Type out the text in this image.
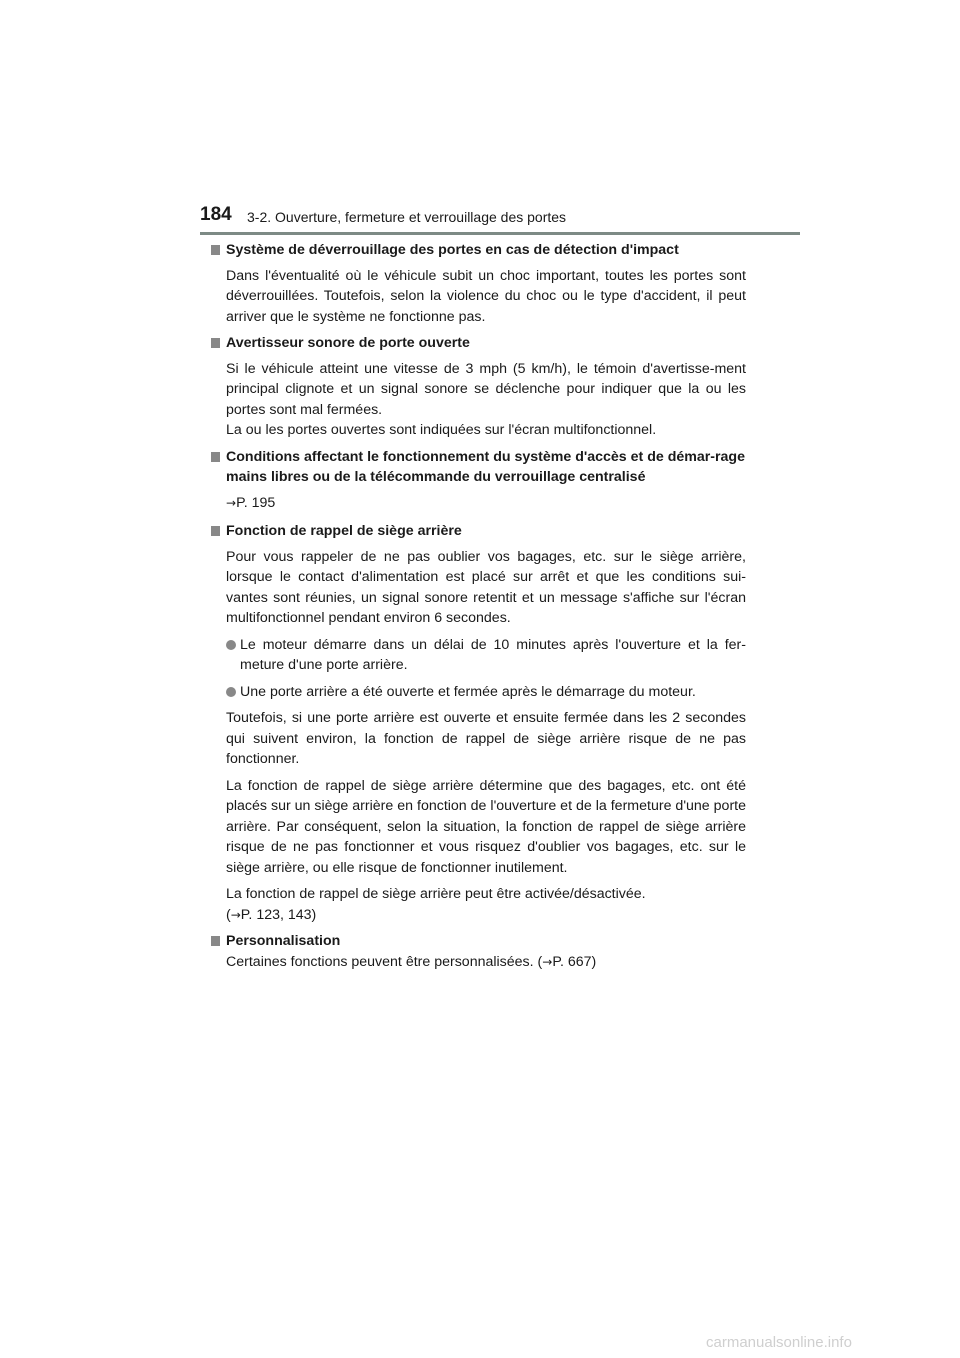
184 3-2. Ouverture, fermeture et verrouillage des portes
Système de déverrouillage des portes en cas de détection d'impact
Dans l'éventualité où le véhicule subit un choc important, toutes les portes sont déverrouillées. Toutefois, selon la violence du choc ou le type d'accident, il peut arriver que le système ne fonctionne pas.
Avertisseur sonore de porte ouverte
Si le véhicule atteint une vitesse de 3 mph (5 km/h), le témoin d'avertisse-ment principal clignote et un signal sonore se déclenche pour indiquer que la ou les portes sont mal fermées.
La ou les portes ouvertes sont indiquées sur l'écran multifonctionnel.
Conditions affectant le fonctionnement du système d'accès et de démar-rage mains libres ou de la télécommande du verrouillage centralisé
→P. 195
Fonction de rappel de siège arrière
Pour vous rappeler de ne pas oublier vos bagages, etc. sur le siège arrière, lorsque le contact d'alimentation est placé sur arrêt et que les conditions sui-vantes sont réunies, un signal sonore retentit et un message s'affiche sur l'écran multifonctionnel pendant environ 6 secondes.
Le moteur démarre dans un délai de 10 minutes après l'ouverture et la fer-meture d'une porte arrière.
Une porte arrière a été ouverte et fermée après le démarrage du moteur.
Toutefois, si une porte arrière est ouverte et ensuite fermée dans les 2 secondes qui suivent environ, la fonction de rappel de siège arrière risque de ne pas fonctionner.
La fonction de rappel de siège arrière détermine que des bagages, etc. ont été placés sur un siège arrière en fonction de l'ouverture et de la fermeture d'une porte arrière. Par conséquent, selon la situation, la fonction de rappel de siège arrière risque de ne pas fonctionner et vous risquez d'oublier vos bagages, etc. sur le siège arrière, ou elle risque de fonctionner inutilement.
La fonction de rappel de siège arrière peut être activée/désactivée.
(→P. 123, 143)
Personnalisation
Certaines fonctions peuvent être personnalisées. (→P. 667)
carmanualsonline.info
